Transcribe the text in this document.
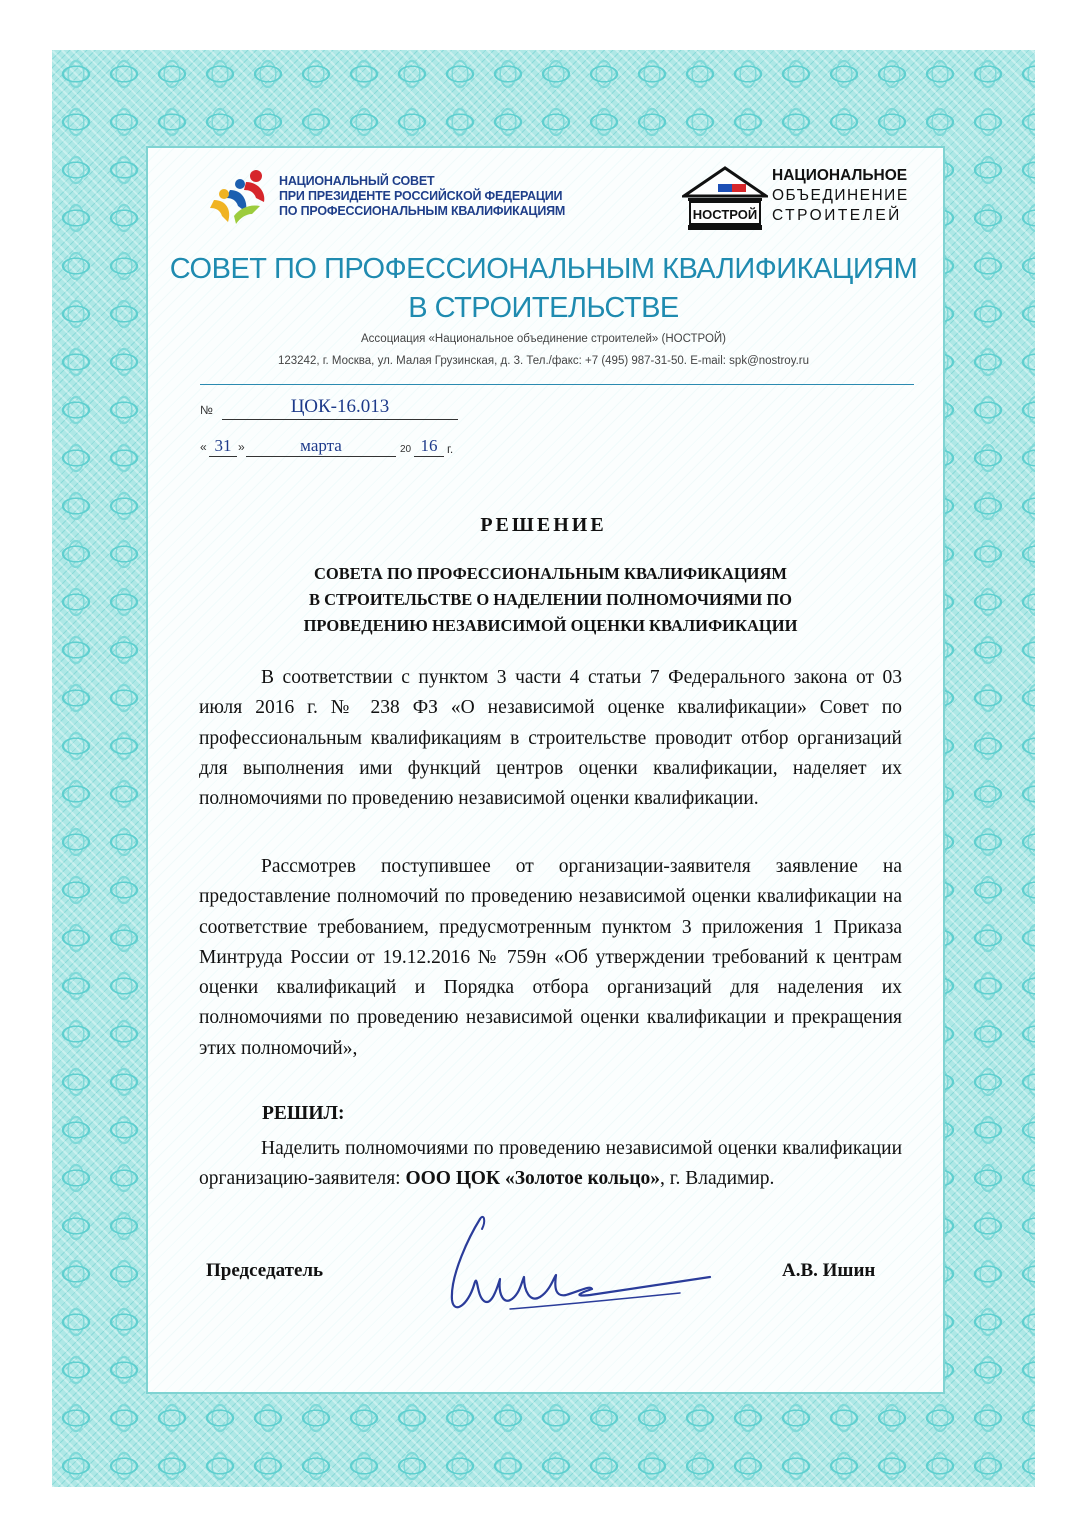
НАЦИОНАЛЬНЫЙ СОВЕТ
ПРИ ПРЕЗИДЕНТЕ РОССИЙСКОЙ ФЕДЕРАЦИИ
ПО ПРОФЕССИОНАЛЬНЫМ КВАЛИФИКАЦИЯМ	НОСТРОЙ
НАЦИОНАЛЬНОЕ
ОБЪЕДИНЕНИЕ
СТРОИТЕЛЕЙ
СОВЕТ ПО ПРОФЕССИОНАЛЬНЫМ КВАЛИФИКАЦИЯМ
В СТРОИТЕЛЬСТВЕ
Ассоциация «Национальное объединение строителей» (НОСТРОЙ)
123242, г. Москва, ул. Малая Грузинская, д. 3. Тел./факс: +7 (495) 987-31-50. E-mail: spk@nostroy.ru
№	ЦОК-16.013
« 31 »	марта	20 16 г.
РЕШЕНИЕ
СОВЕТА ПО ПРОФЕССИОНАЛЬНЫМ КВАЛИФИКАЦИЯМ
В СТРОИТЕЛЬСТВЕ О НАДЕЛЕНИИ ПОЛНОМОЧИЯМИ ПО
ПРОВЕДЕНИЮ НЕЗАВИСИМОЙ ОЦЕНКИ КВАЛИФИКАЦИИ
В соответствии с пунктом 3 части 4 статьи 7 Федерального закона от 03 июля 2016 г. № 238 ФЗ «О независимой оценке квалификации» Совет по профессиональным квалификациям в строительстве проводит отбор организаций для выполнения ими функций центров оценки квалификации, наделяет их полномочиями по проведению независимой оценки квалификации.
Рассмотрев поступившее от организации-заявителя заявление на предоставление полномочий по проведению независимой оценки квалификации на соответствие требованием, предусмотренным пунктом 3 приложения 1 Приказа Минтруда России от 19.12.2016 № 759н «Об утверждении требований к центрам оценки квалификаций и Порядка отбора организаций для наделения их полномочиями по проведению независимой оценки квалификации и прекращения этих полномочий»,
РЕШИЛ:
Наделить полномочиями по проведению независимой оценки квалификации организацию-заявителя: ООО ЦОК «Золотое кольцо», г. Владимир.
Председатель	А.В. Ишин
